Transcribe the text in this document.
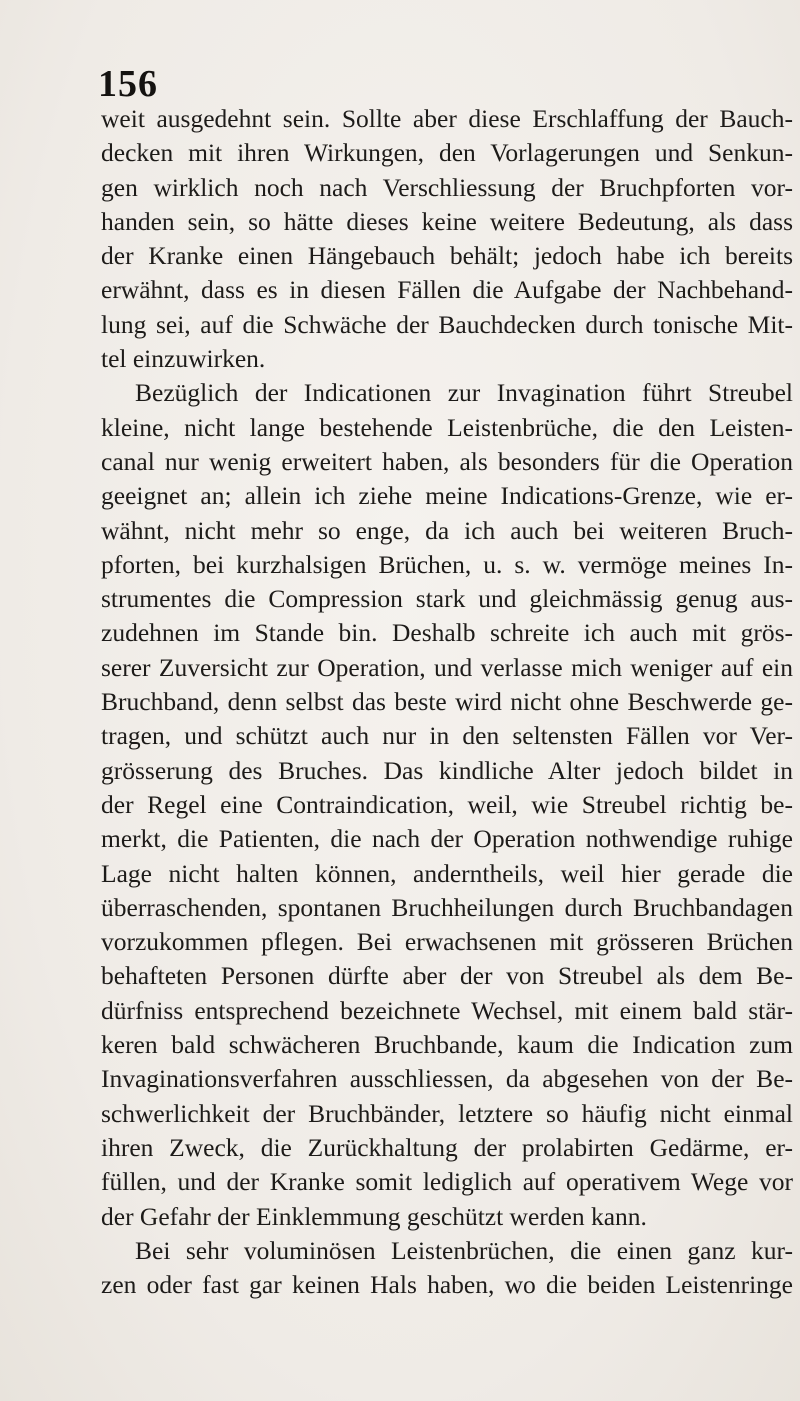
156
weit ausgedehnt sein. Sollte aber diese Erschlaffung der Bauch-
decken mit ihren Wirkungen, den Vorlagerungen und Senkun-
gen wirklich noch nach Verschliessung der Bruchpforten vor-
handen sein, so hätte dieses keine weitere Bedeutung, als dass
der Kranke einen Hängebauch behält; jedoch habe ich bereits
erwähnt, dass es in diesen Fällen die Aufgabe der Nachbehand-
lung sei, auf die Schwäche der Bauchdecken durch tonische Mit-
tel einzuwirken.
Bezüglich der Indicationen zur Invagination führt Streubel
kleine, nicht lange bestehende Leistenbrüche, die den Leisten-
canal nur wenig erweitert haben, als besonders für die Operation
geeignet an; allein ich ziehe meine Indications-Grenze, wie er-
wähnt, nicht mehr so enge, da ich auch bei weiteren Bruch-
pforten, bei kurzhalsigen Brüchen, u. s. w. vermöge meines In-
strumentes die Compression stark und gleichmässig genug aus-
zudehnen im Stande bin. Deshalb schreite ich auch mit grös-
serer Zuversicht zur Operation, und verlasse mich weniger auf ein
Bruchband, denn selbst das beste wird nicht ohne Beschwerde ge-
tragen, und schützt auch nur in den seltensten Fällen vor Ver-
grösserung des Bruches. Das kindliche Alter jedoch bildet in
der Regel eine Contraindication, weil, wie Streubel richtig be-
merkt, die Patienten, die nach der Operation nothwendige ruhige
Lage nicht halten können, anderntheils, weil hier gerade die
überraschenden, spontanen Bruchheilungen durch Bruchbandagen
vorzukommen pflegen. Bei erwachsenen mit grösseren Brüchen
behafteten Personen dürfte aber der von Streubel als dem Be-
dürfniss entsprechend bezeichnete Wechsel, mit einem bald stär-
keren bald schwächeren Bruchbande, kaum die Indication zum
Invaginationsverfahren ausschliessen, da abgesehen von der Be-
schwerlichkeit der Bruchbänder, letztere so häufig nicht einmal
ihren Zweck, die Zurückhaltung der prolabirten Gedärme, er-
füllen, und der Kranke somit lediglich auf operativem Wege vor
der Gefahr der Einklemmung geschützt werden kann.
Bei sehr voluminösen Leistenbrüchen, die einen ganz kur-
zen oder fast gar keinen Hals haben, wo die beiden Leistenringe
